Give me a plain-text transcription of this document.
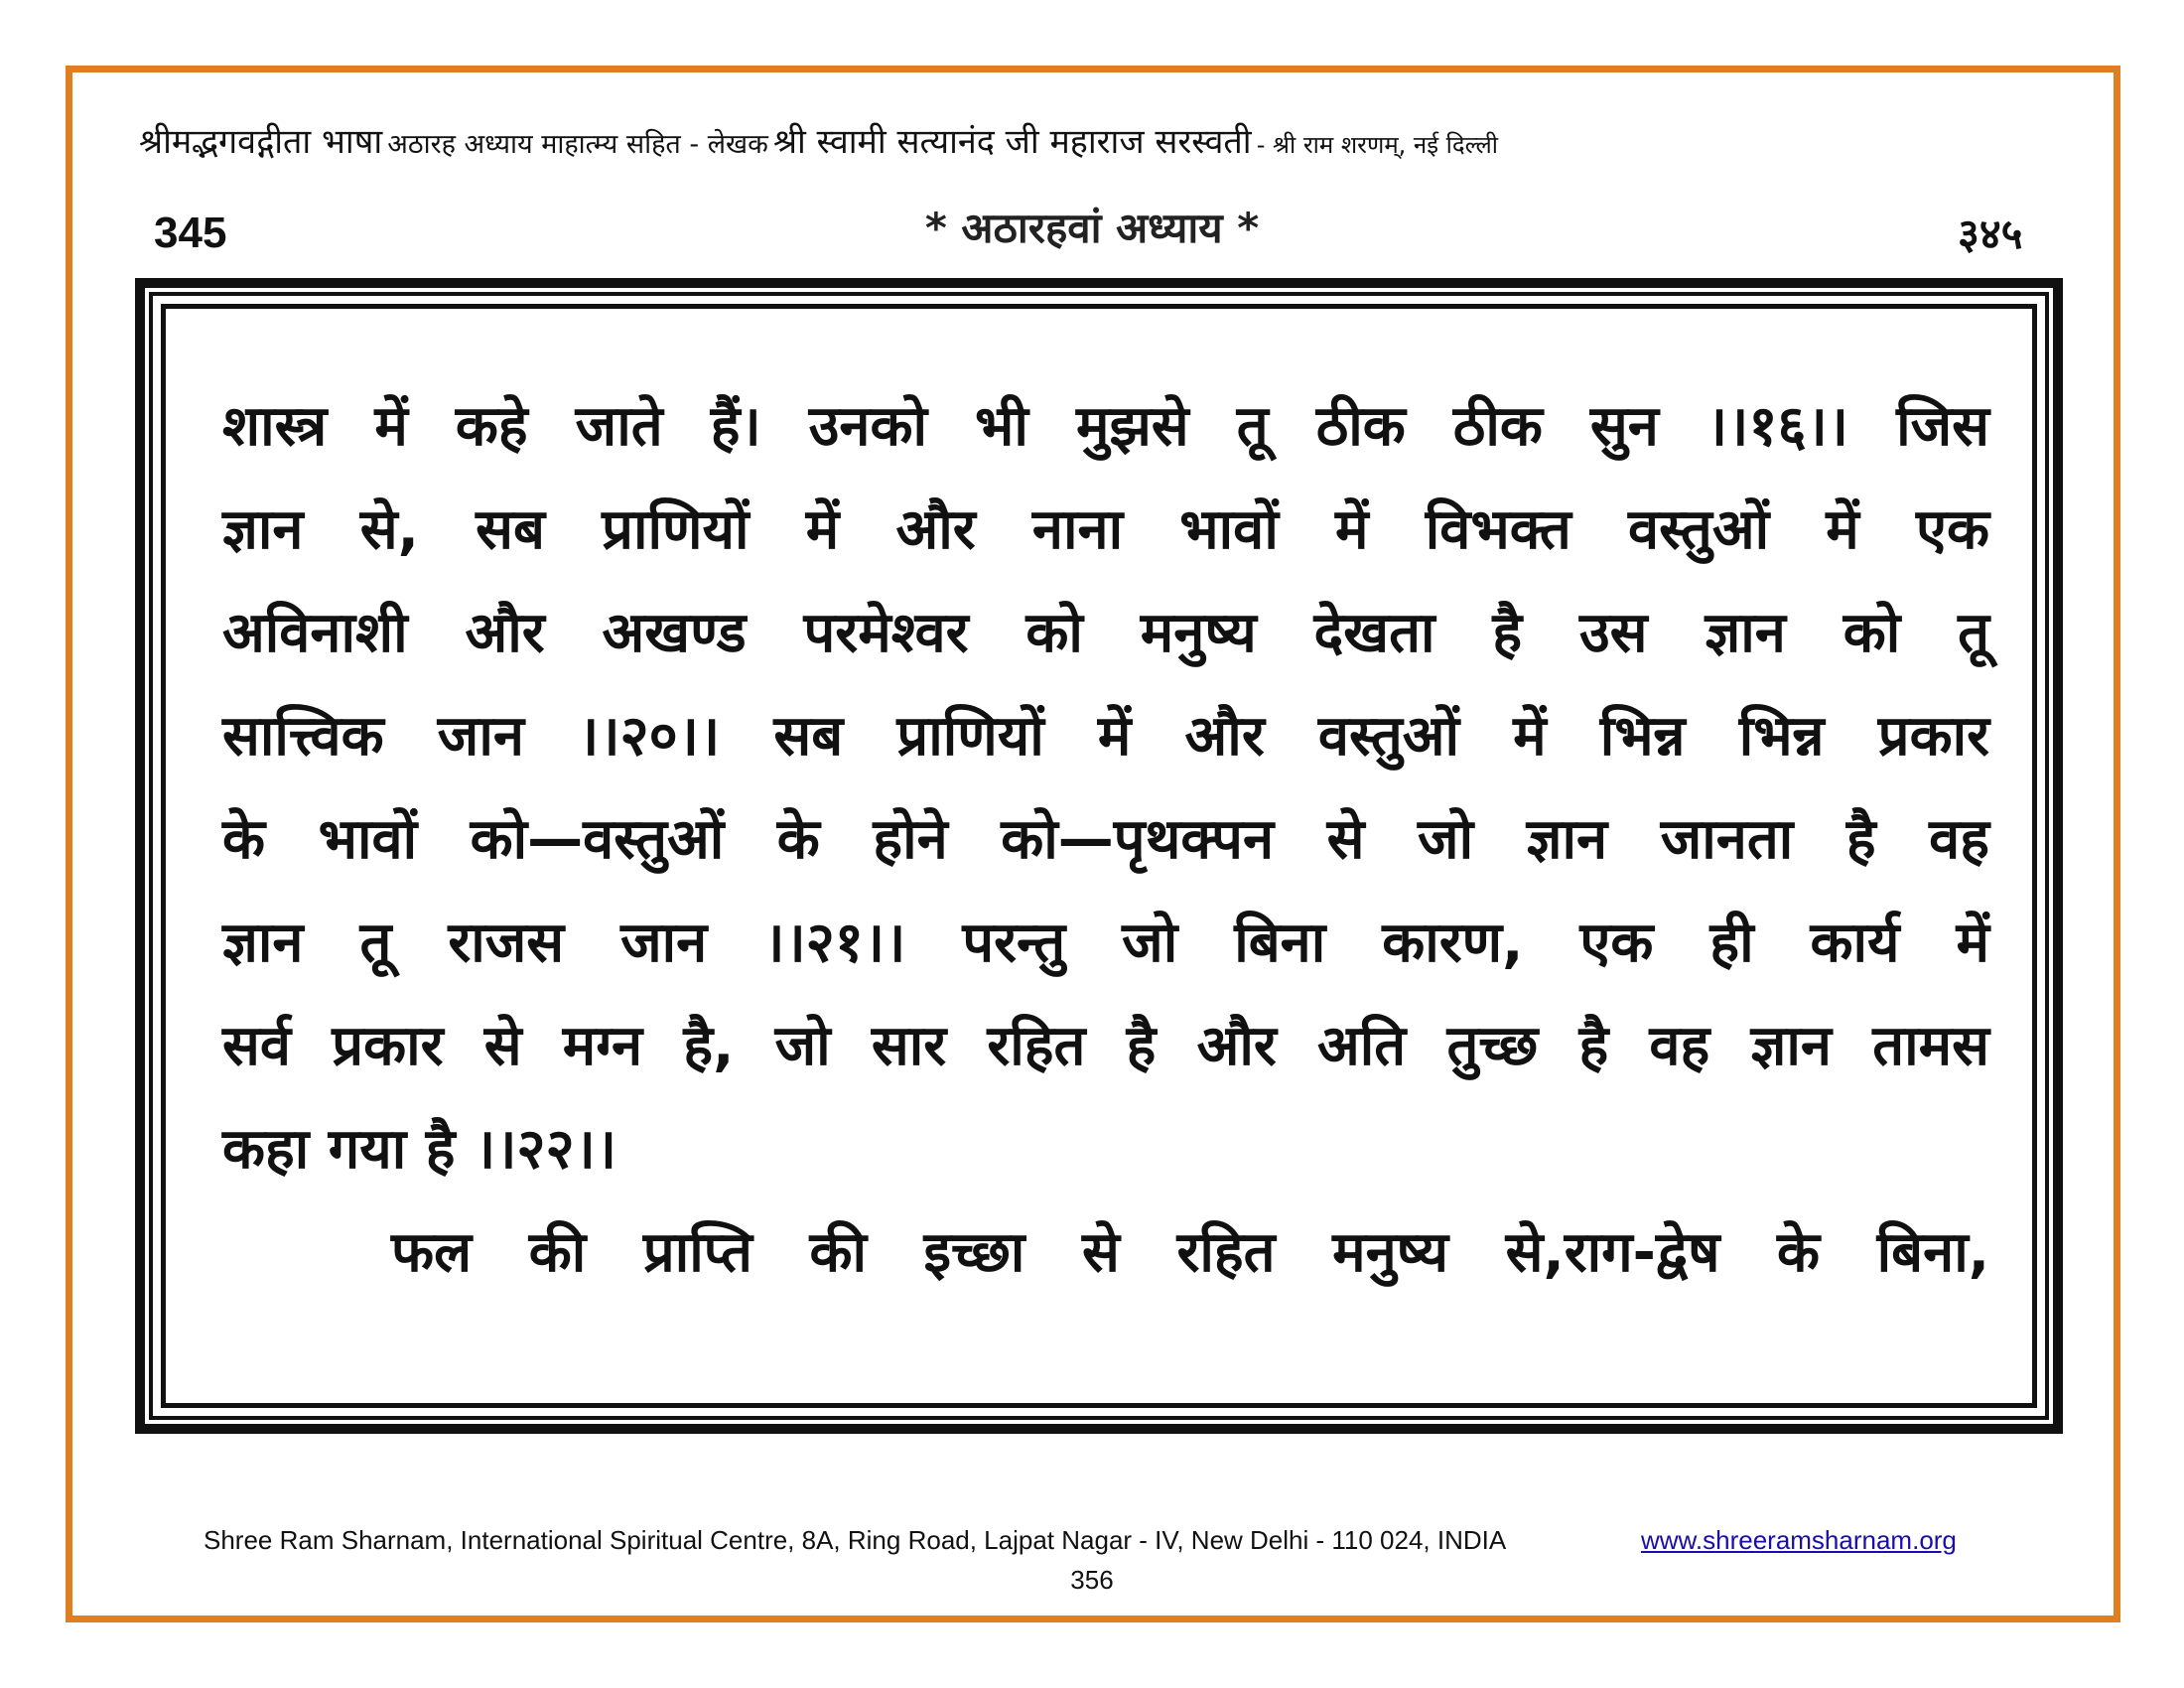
श्रीमद्भगवद्गीता भाषा अठारह अध्याय माहात्म्य सहित - लेखक श्री स्वामी सत्यानंद जी महाराज सरस्वती - श्री राम शरणम्, नई दिल्ली
345	* अठारहवां अध्याय *	३४५
शास्त्र में कहे जाते हैं। उनको भी मुझसे तू ठीक ठीक सुन ।।१६।। जिस
ज्ञान से, सब प्राणियों में और नाना भावों में विभक्त वस्तुओं में एक
अविनाशी और अखण्ड परमेश्वर को मनुष्य देखता है उस ज्ञान को तू
सात्त्विक जान ।।२०।। सब प्राणियों में और वस्तुओं में भिन्न भिन्न प्रकार
के भावों को—वस्तुओं के होने को—पृथक्पन से जो ज्ञान जानता है वह
ज्ञान तू राजस जान ।।२१।। परन्तु जो बिना कारण, एक ही कार्य में
सर्व प्रकार से मग्न है, जो सार रहित है और अति तुच्छ है वह ज्ञान तामस
कहा गया है ।।२२।।
फल की प्राप्ति की इच्छा से रहित मनुष्य से,राग-द्वेष के बिना,
Shree Ram Sharnam, International Spiritual Centre, 8A, Ring Road, Lajpat Nagar - IV, New Delhi - 110 024, INDIA	www.shreeramsharnam.org
356
